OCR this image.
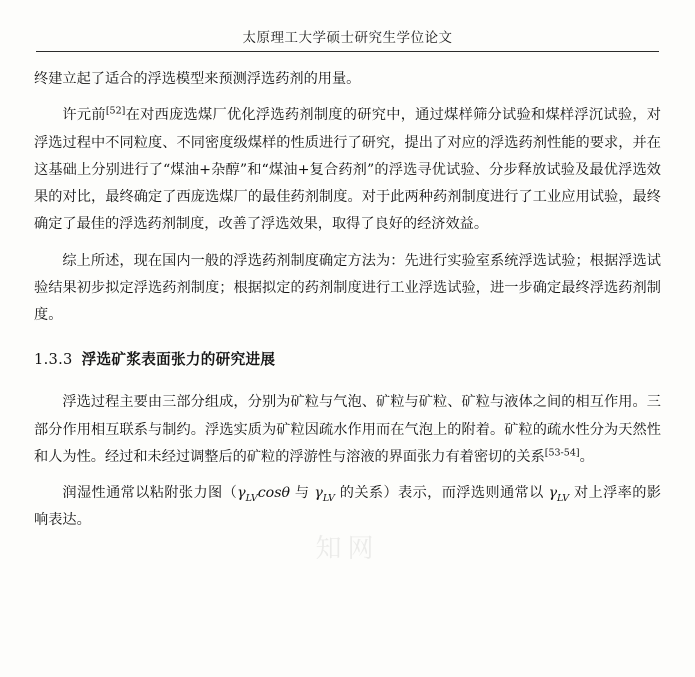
太原理工大学硕士研究生学位论文

终建立起了适合的浮选模型来预测浮选药剂的用量。

许元前[52]在对西庞选煤厂优化浮选药剂制度的研究中，通过煤样筛分试验和煤样浮沉试验，对浮选过程中不同粒度、不同密度级煤样的性质进行了研究，提出了对应的浮选药剂性能的要求，并在这基础上分别进行了“煤油+杂醇”和“煤油+复合药剂”的浮选寻优试验、分步释放试验及最优浮选效果的对比，最终确定了西庞选煤厂的最佳药剂制度。对于此两种药剂制度进行了工业应用试验，最终确定了最佳的浮选药剂制度，改善了浮选效果，取得了良好的经济效益。

综上所述，现在国内一般的浮选药剂制度确定方法为：先进行实验室系统浮选试验；根据浮选试验结果初步拟定浮选药剂制度；根据拟定的药剂制度进行工业浮选试验，进一步确定最终浮选药剂制度。

1.3.3 浮选矿浆表面张力的研究进展

浮选过程主要由三部分组成，分别为矿粒与气泡、矿粒与矿粒、矿粒与液体之间的相互作用。三部分作用相互联系与制约。浮选实质为矿粒因疏水作用而在气泡上的附着。矿粒的疏水性分为天然性和人为性。经过和未经过调整后的矿粒的浮游性与溶液的界面张力有着密切的关系[53-54]。

润湿性通常以粘附张力图（$\gamma_{LV}\cos\theta$ 与 $\gamma_{LV}$ 的关系）表示，而浮选则通常以 $\gamma_{LV}$ 对上浮率的影响表达。

知网
